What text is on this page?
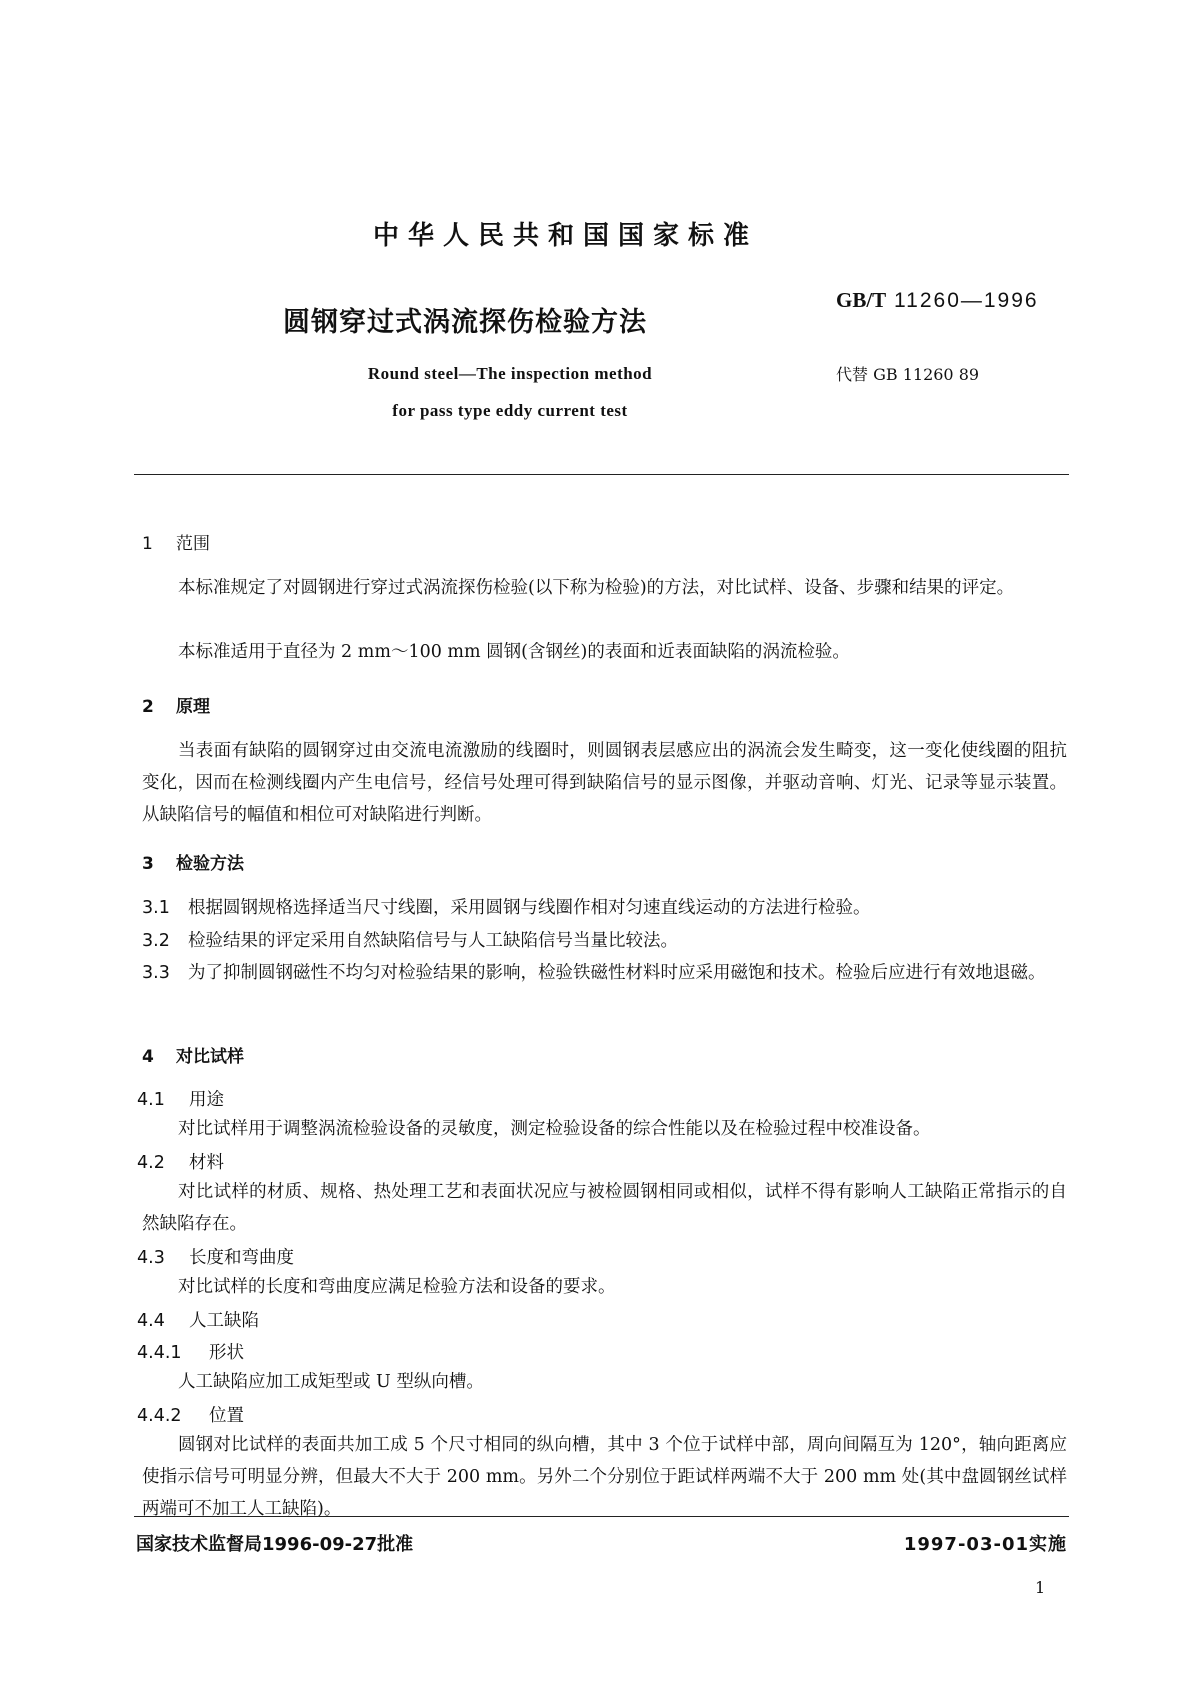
中华人民共和国国家标准
圆钢穿过式涡流探伤检验方法
GB/T 11260—1996
代替 GB 11260 89
Round steel—The inspection method
for pass type eddy current test
1 范围
本标准规定了对圆钢进行穿过式涡流探伤检验(以下称为检验)的方法，对比试样、设备、步骤和结果的评定。
本标准适用于直径为 2 mm～100 mm 圆钢(含钢丝)的表面和近表面缺陷的涡流检验。
2 原理
当表面有缺陷的圆钢穿过由交流电流激励的线圈时，则圆钢表层感应出的涡流会发生畸变，这一变化使线圈的阻抗变化，因而在检测线圈内产生电信号，经信号处理可得到缺陷信号的显示图像，并驱动音响、灯光、记录等显示装置。从缺陷信号的幅值和相位可对缺陷进行判断。
3 检验方法
3.1 根据圆钢规格选择适当尺寸线圈，采用圆钢与线圈作相对匀速直线运动的方法进行检验。
3.2 检验结果的评定采用自然缺陷信号与人工缺陷信号当量比较法。
3.3 为了抑制圆钢磁性不均匀对检验结果的影响，检验铁磁性材料时应采用磁饱和技术。检验后应进行有效地退磁。
4 对比试样
4.1 用途
对比试样用于调整涡流检验设备的灵敏度，测定检验设备的综合性能以及在检验过程中校准设备。
4.2 材料
对比试样的材质、规格、热处理工艺和表面状况应与被检圆钢相同或相似，试样不得有影响人工缺陷正常指示的自然缺陷存在。
4.3 长度和弯曲度
对比试样的长度和弯曲度应满足检验方法和设备的要求。
4.4 人工缺陷
4.4.1 形状
人工缺陷应加工成矩型或 U 型纵向槽。
4.4.2 位置
圆钢对比试样的表面共加工成 5 个尺寸相同的纵向槽，其中 3 个位于试样中部，周向间隔互为 120°，轴向距离应使指示信号可明显分辨，但最大不大于 200 mm。另外二个分别位于距试样两端不大于 200 mm 处(其中盘圆钢丝试样两端可不加工人工缺陷)。
国家技术监督局1996-09-27批准	1997-03-01实施
1
